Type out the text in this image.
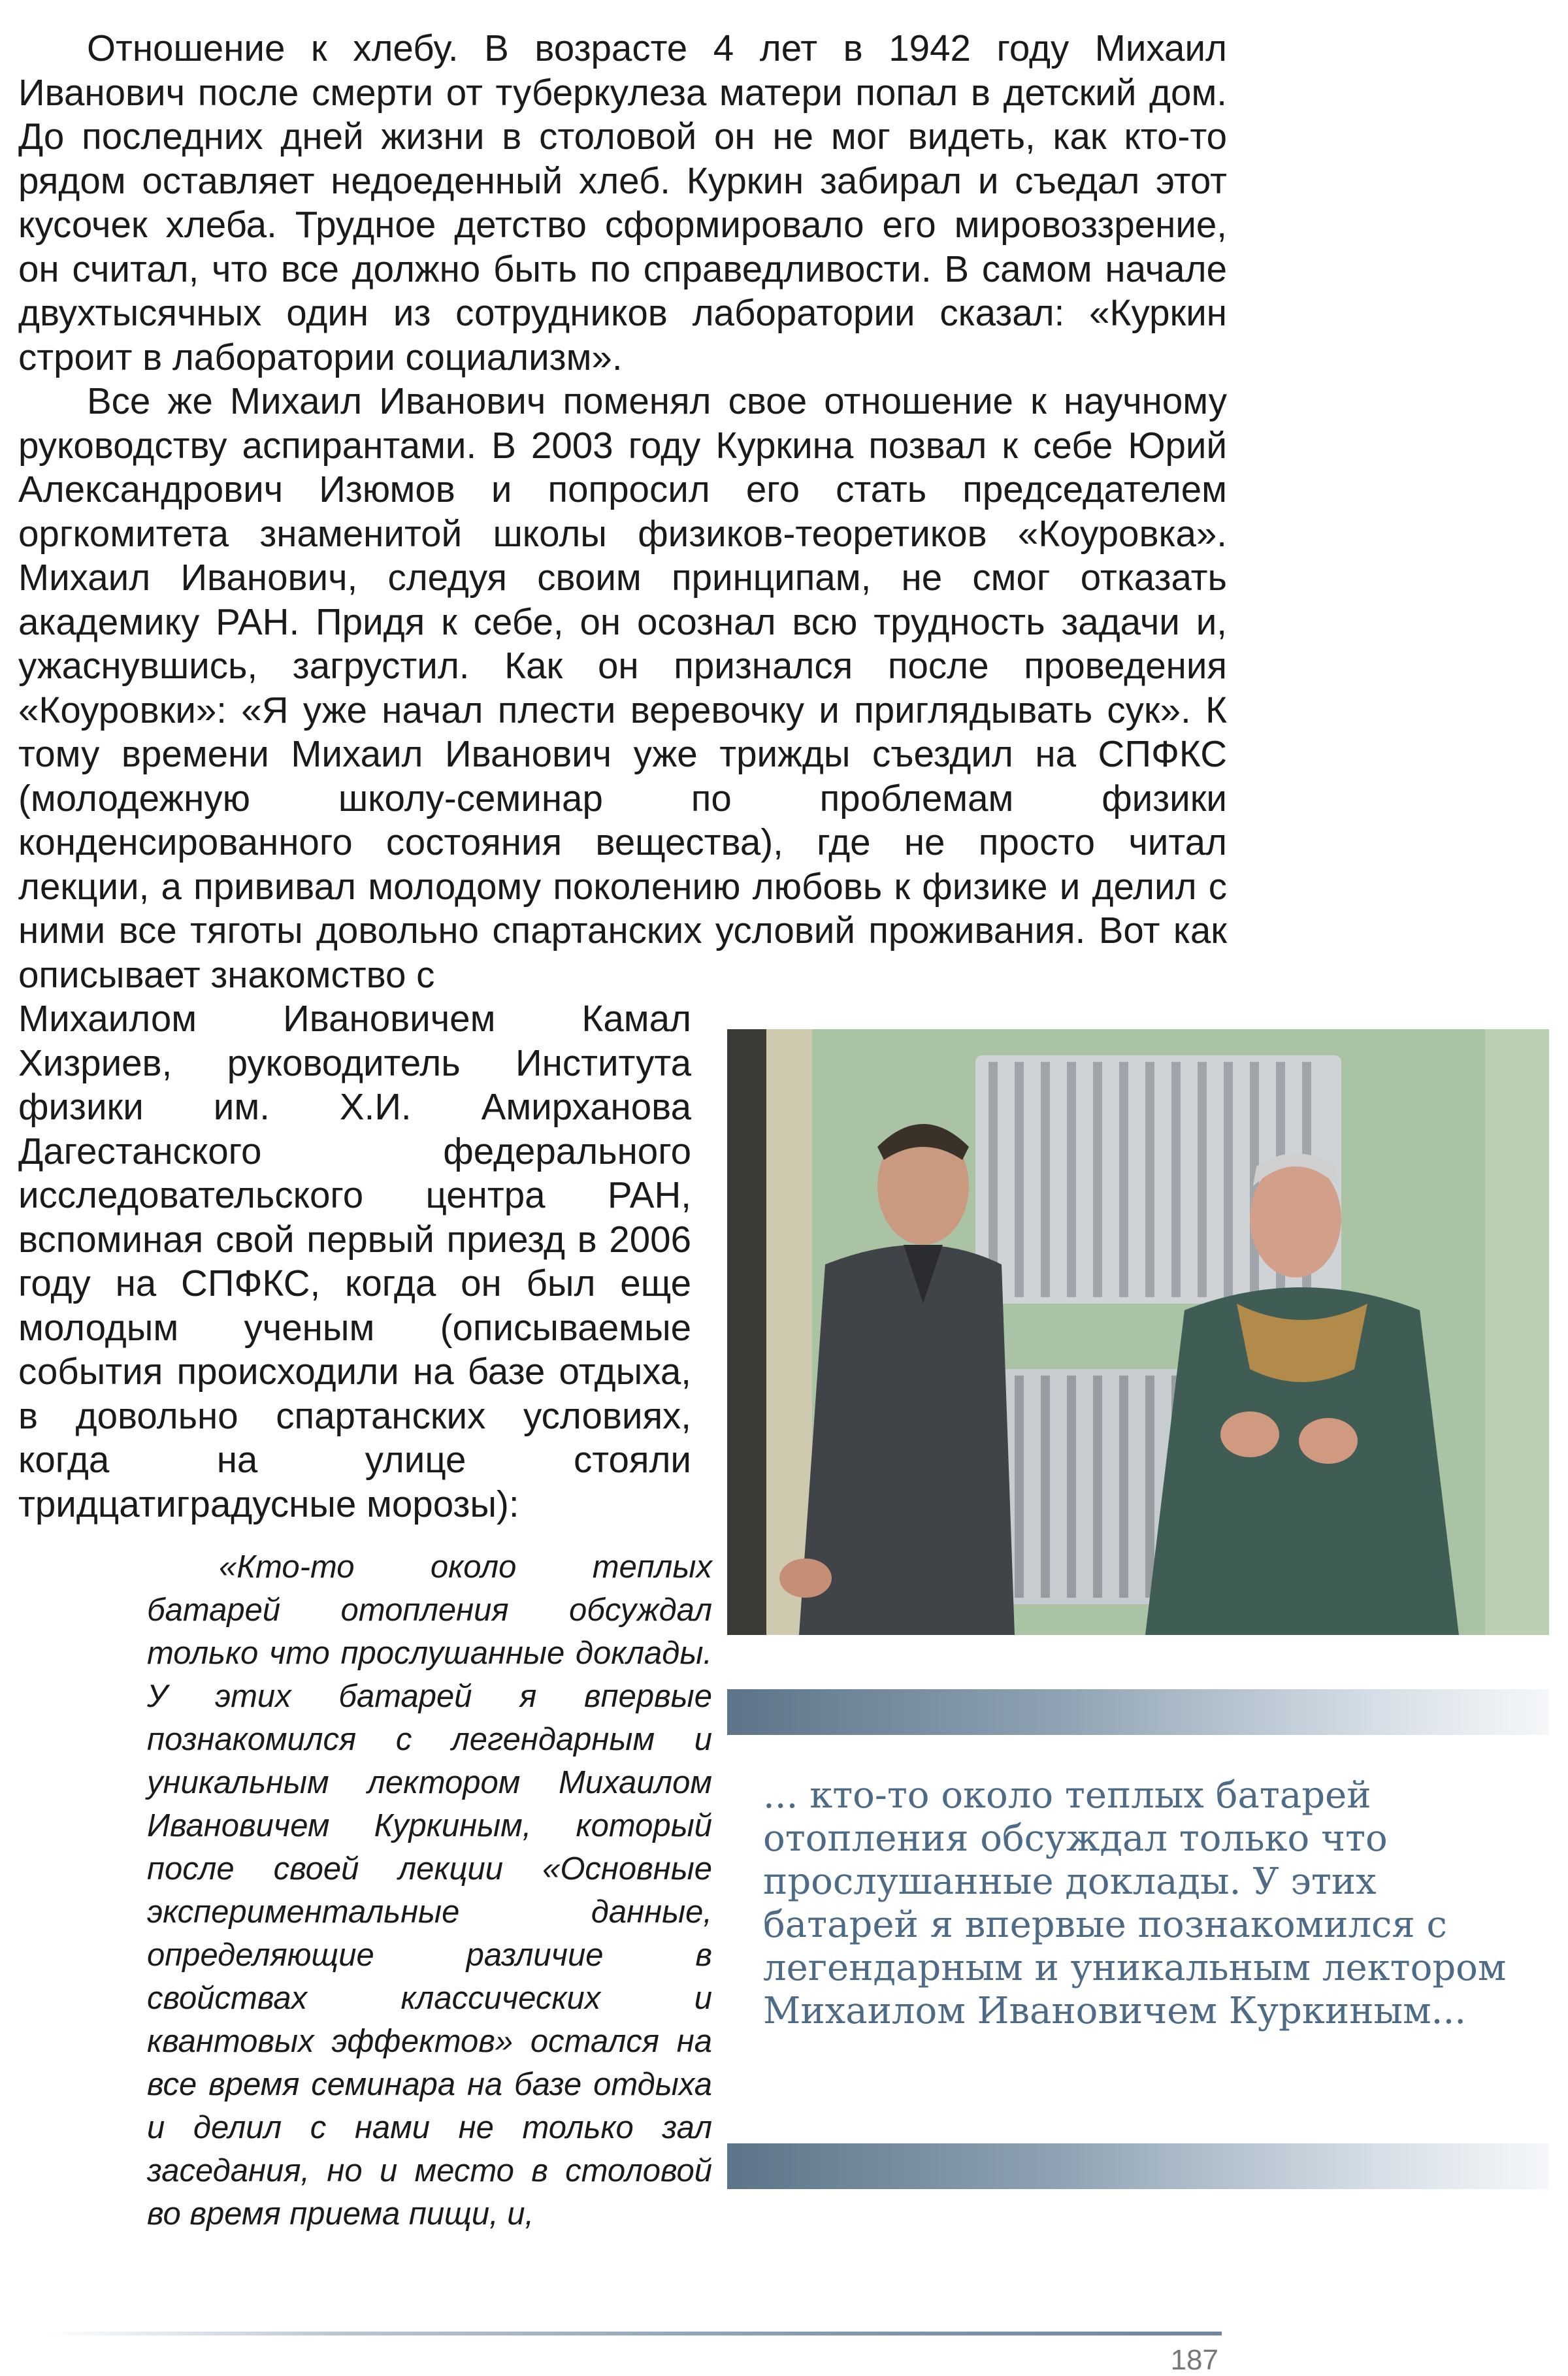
Отношение к хлебу. В возрасте 4 лет в 1942 году Михаил Иванович после смерти от туберкулеза матери попал в детский дом. До последних дней жизни в столовой он не мог видеть, как кто-то рядом оставляет недоеденный хлеб. Куркин забирал и съедал этот кусочек хлеба. Трудное детство сформировало его мировоззрение, он считал, что все должно быть по справедливости. В самом начале двухтысячных один из сотрудников лаборатории сказал: «Куркин строит в лаборатории социализм».

Все же Михаил Иванович поменял свое отношение к научному руководству аспирантами. В 2003 году Куркина позвал к себе Юрий Александрович Изюмов и попросил его стать председателем оргкомитета знаменитой школы физиков-теоретиков «Коуровка». Михаил Иванович, следуя своим принципам, не смог отказать академику РАН. Придя к себе, он осознал всю трудность задачи и, ужаснувшись, загрустил. Как он признался после проведения «Коуровки»: «Я уже начал плести веревочку и приглядывать сук». К тому времени Михаил Иванович уже трижды съездил на СПФКС (молодежную школу-семинар по проблемам физики конденсированного состояния вещества), где не просто читал лекции, а прививал молодому поколению любовь к физике и делил с ними все тяготы довольно спартанских условий проживания. Вот как описывает знакомство с

Михаилом Ивановичем Камал Хизриев, руководитель Института физики им. Х.И. Амирханова Дагестанского федерального исследовательского центра РАН, вспоминая свой первый приезд в 2006 году на СПФКС, когда он был еще молодым ученым (описываемые события происходили на базе отдыха, в довольно спартанских условиях, когда на улице стояли тридцатиградусные морозы):

«Кто-то около теплых батарей отопления обсуждал только что прослушанные доклады. У этих батарей я впервые познакомился с легендарным и уникальным лектором Михаилом Ивановичем Куркиным, который после своей лекции «Основные экспериментальные данные, определяющие различие в свойствах классических и квантовых эффектов» остался на все время семинара на базе отдыха и делил с нами не только зал заседания, но и место в столовой во время приема пищи, и,

... кто-то около теплых батарей отопления обсуждал только что прослушанные доклады. У этих батарей я впервые познакомился с легендарным и уникальным лектором Михаилом Ивановичем Куркиным...

187
